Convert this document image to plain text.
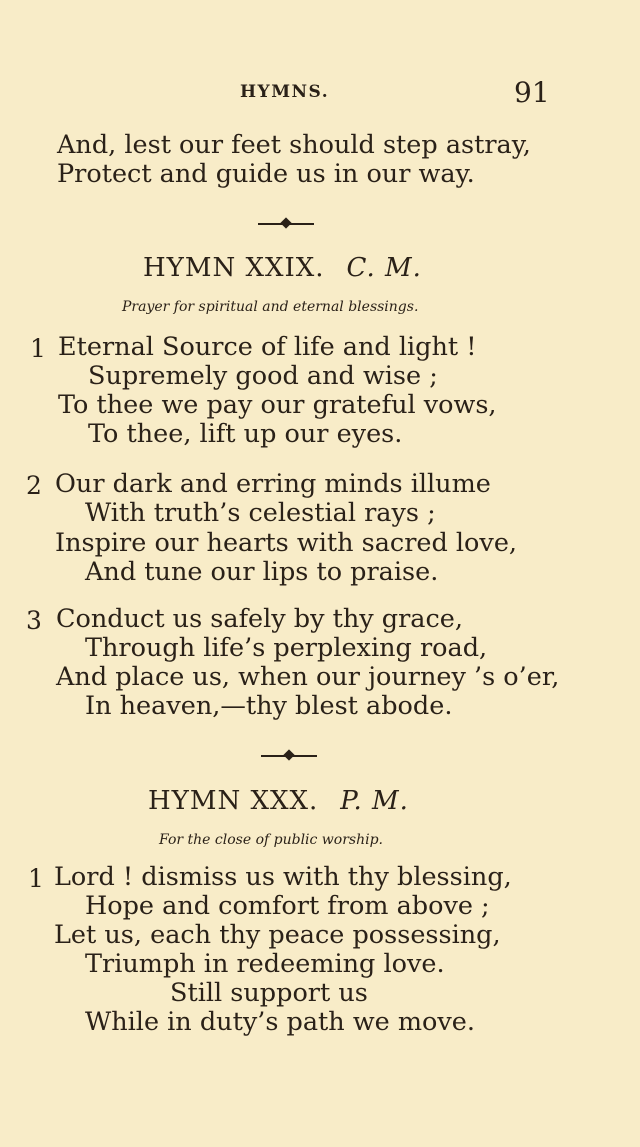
HYMNS.	91
And, lest our feet should step astray,
Protect and guide us in our way.
HYMN XXIX. C. M.
Prayer for spiritual and eternal blessings.
1 Eternal Source of life and light !
Supremely good and wise ;
To thee we pay our grateful vows,
To thee, lift up our eyes.
2 Our dark and erring minds illume
With truth’s celestial rays ;
Inspire our hearts with sacred love,
And tune our lips to praise.
3 Conduct us safely by thy grace,
Through life’s perplexing road,
And place us, when our journey ’s o’er,
In heaven,—thy blest abode.
HYMN XXX. P. M.
For the close of public worship.
1 Lord ! dismiss us with thy blessing,
Hope and comfort from above ;
Let us, each thy peace possessing,
Triumph in redeeming love.
Still support us
While in duty’s path we move.
